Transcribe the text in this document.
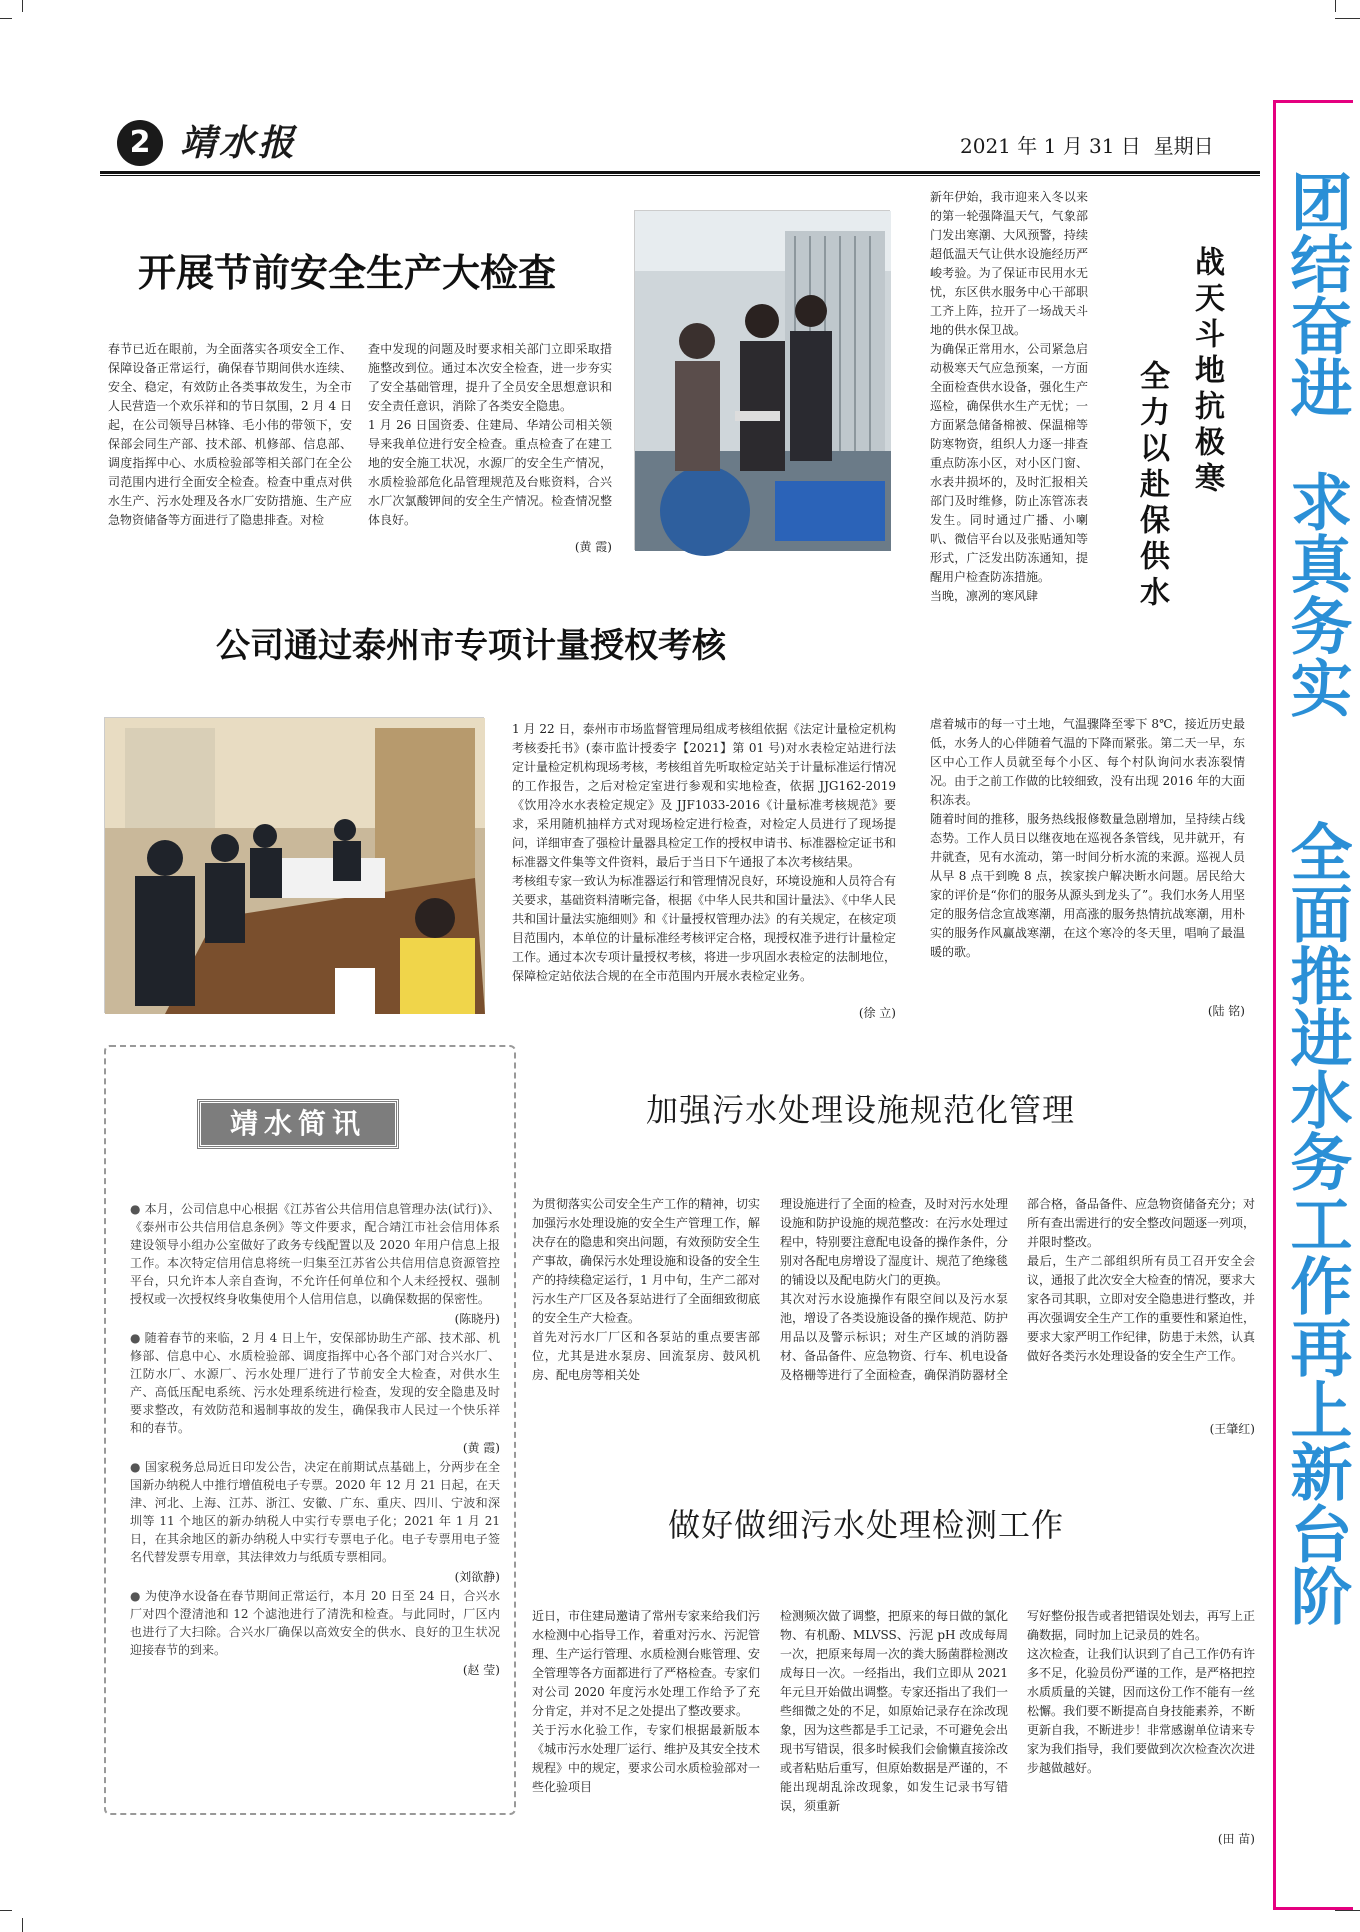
2 靖水报	2021 年 1 月 31 日  星期日
团结奋进
求真务实
全面推进水务工作再上新台阶
开展节前安全生产大检查
春节已近在眼前，为全面落实各项安全工作、保障设备正常运行，确保春节期间供水连续、安全、稳定，有效防止各类事故发生，为全市人民营造一个欢乐祥和的节日氛围，2 月 4 日起，在公司领导吕林锋、毛小伟的带领下，安保部会同生产部、技术部、机修部、信息部、调度指挥中心、水质检验部等相关部门在全公司范围内进行全面安全检查。检查中重点对供水生产、污水处理及各水厂安防措施、生产应急物资储备等方面进行了隐患排查。对检
查中发现的问题及时要求相关部门立即采取措施整改到位。通过本次安全检查，进一步夯实了安全基础管理，提升了全员安全思想意识和安全责任意识，消除了各类安全隐患。
1 月 26 日国资委、住建局、华靖公司相关领导来我单位进行安全检查。重点检查了在建工地的安全施工状况，水源厂的安全生产情况，水质检验部危化品管理规范及台账资料，合兴水厂次氯酸钾间的安全生产情况。检查情况整体良好。
(黄 霞)
公司通过泰州市专项计量授权考核
1 月 22 日，泰州市市场监督管理局组成考核组依据《法定计量检定机构考核委托书》(泰市监计授委字【2021】第 01 号)对水表检定站进行法定计量检定机构现场考核，考核组首先听取检定站关于计量标准运行情况的工作报告，之后对检定室进行参观和实地检查，依据 JJG162-2019《饮用冷水水表检定规定》及 JJF1033-2016《计量标准考核规范》要求，采用随机抽样方式对现场检定进行检查，对检定人员进行了现场提问，详细审查了强检计量器具检定工作的授权申请书、标准器检定证书和标准器文件集等文件资料，最后于当日下午通报了本次考核结果。
考核组专家一致认为标准器运行和管理情况良好，环境设施和人员符合有关要求，基础资料清晰完备，根据《中华人民共和国计量法》、《中华人民共和国计量法实施细则》和《计量授权管理办法》的有关规定，在核定项目范围内，本单位的计量标准经考核评定合格，现授权准予进行计量检定工作。通过本次专项计量授权考核，将进一步巩固水表检定的法制地位，保障检定站依法合规的在全市范围内开展水表检定业务。
(徐 立)
新年伊始，我市迎来入冬以来的第一轮强降温天气，气象部门发出寒潮、大风预警，持续超低温天气让供水设施经历严峻考验。为了保证市民用水无忧，东区供水服务中心干部职工齐上阵，拉开了一场战天斗地的供水保卫战。
为确保正常用水，公司紧急启动极寒天气应急预案，一方面全面检查供水设备，强化生产巡检，确保供水生产无忧；一方面紧急储备棉被、保温棉等防寒物资，组织人力逐一排查重点防冻小区，对小区门窗、水表井损坏的，及时汇报相关部门及时维修，防止冻管冻表发生。同时通过广播、小喇叭、微信平台以及张贴通知等形式，广泛发出防冻通知，提醒用户检查防冻措施。
当晚，凛冽的寒风肆
战天斗地抗极寒
全力以赴保供水
虐着城市的每一寸土地，气温骤降至零下 8℃，接近历史最低，水务人的心伴随着气温的下降而紧张。第二天一早，东区中心工作人员就至每个小区、每个村队询问水表冻裂情况。由于之前工作做的比较细致，没有出现 2016 年的大面积冻表。
随着时间的推移，服务热线报修数量急剧增加，呈持续占线态势。工作人员日以继夜地在巡视各条管线，见井就开，有井就查，见有水流动，第一时间分析水流的来源。巡视人员从早 8 点干到晚 8 点，挨家挨户解决断水问题。居民给大家的评价是“你们的服务从源头到龙头了”。我们水务人用坚定的服务信念宣战寒潮，用高涨的服务热情抗战寒潮，用朴实的服务作风赢战寒潮，在这个寒冷的冬天里，唱响了最温暖的歌。
(陆 铭)
靖水简讯
● 本月，公司信息中心根据《江苏省公共信用信息管理办法(试行)》、《泰州市公共信用信息条例》等文件要求，配合靖江市社会信用体系建设领导小组办公室做好了政务专线配置以及 2020 年用户信息上报工作。本次特定信用信息将统一归集至江苏省公共信用信息资源管控平台，只允许本人亲自查询，不允许任何单位和个人未经授权、强制授权或一次授权终身收集使用个人信用信息，以确保数据的保密性。
(陈晓丹)
● 随着春节的来临，2 月 4 日上午，安保部协助生产部、技术部、机修部、信息中心、水质检验部、调度指挥中心各个部门对合兴水厂、江防水厂、水源厂、污水处理厂进行了节前安全大检查，对供水生产、高低压配电系统、污水处理系统进行检查，发现的安全隐患及时要求整改，有效防范和遏制事故的发生，确保我市人民过一个快乐祥和的春节。
(黄 霞)
● 国家税务总局近日印发公告，决定在前期试点基础上，分两步在全国新办纳税人中推行增值税电子专票。2020 年 12 月 21 日起，在天津、河北、上海、江苏、浙江、安徽、广东、重庆、四川、宁波和深圳等 11 个地区的新办纳税人中实行专票电子化；2021 年 1 月 21 日，在其余地区的新办纳税人中实行专票电子化。电子专票用电子签名代替发票专用章，其法律效力与纸质专票相同。
(刘欲静)
● 为使净水设备在春节期间正常运行，本月 20 日至 24 日，合兴水厂对四个澄清池和 12 个滤池进行了清洗和检查。与此同时，厂区内也进行了大扫除。合兴水厂确保以高效安全的供水、良好的卫生状况迎接春节的到来。
(赵 莹)
加强污水处理设施规范化管理
为贯彻落实公司安全生产工作的精神，切实加强污水处理设施的安全生产管理工作，解决存在的隐患和突出问题，有效预防安全生产事故，确保污水处理设施和设备的安全生产的持续稳定运行，1 月中旬，生产二部对污水生产厂区及各泵站进行了全面细致彻底的安全生产大检查。
首先对污水厂厂区和各泵站的重点要害部位，尤其是进水泵房、回流泵房、鼓风机房、配电房等相关处
理设施进行了全面的检查，及时对污水处理设施和防护设施的规范整改：在污水处理过程中，特别要注意配电设备的操作条件，分别对各配电房增设了湿度计、规范了绝缘毯的铺设以及配电防火门的更换。
其次对污水设施操作有限空间以及污水泵池，增设了各类设施设备的操作规范、防护用品以及警示标识；对生产区域的消防器材、备品备件、应急物资、行车、机电设备及格栅等进行了全面检查，确保消防器材全
部合格，备品备件、应急物资储备充分；对所有查出需进行的安全整改问题逐一列项，并限时整改。
最后，生产二部组织所有员工召开安全会议，通报了此次安全大检查的情况，要求大家各司其职，立即对安全隐患进行整改，并再次强调安全生产工作的重要性和紧迫性，要求大家严明工作纪律，防患于未然，认真做好各类污水处理设备的安全生产工作。
(王肇红)
做好做细污水处理检测工作
近日，市住建局邀请了常州专家来给我们污水检测中心指导工作，着重对污水、污泥管理、生产运行管理、水质检测台账管理、安全管理等各方面都进行了严格检查。专家们对公司 2020 年度污水处理工作给予了充分肯定，并对不足之处提出了整改要求。
关于污水化验工作，专家们根据最新版本《城市污水处理厂运行、维护及其安全技术规程》中的规定，要求公司水质检验部对一些化验项目
检测频次做了调整，把原来的每日做的氯化物、有机酚、MLVSS、污泥 pH 改成每周一次，把原来每周一次的粪大肠菌群检测改成每日一次。一经指出，我们立即从 2021 年元旦开始做出调整。专家还指出了我们一些细微之处的不足，如原始记录存在涂改现象，因为这些都是手工记录，不可避免会出现书写错误，很多时候我们会偷懒直接涂改或者粘贴后重写，但原始数据是严谨的，不能出现胡乱涂改现象，如发生记录书写错误，须重新
写好整份报告或者把错误处划去，再写上正确数据，同时加上记录员的姓名。
这次检查，让我们认识到了自己工作仍有许多不足，化验员份严谨的工作，是严格把控水质质量的关键，因而这份工作不能有一丝松懈。我们要不断提高自身技能素养，不断更新自我，不断进步！非常感谢单位请来专家为我们指导，我们要做到次次检查次次进步越做越好。
(田 苗)
